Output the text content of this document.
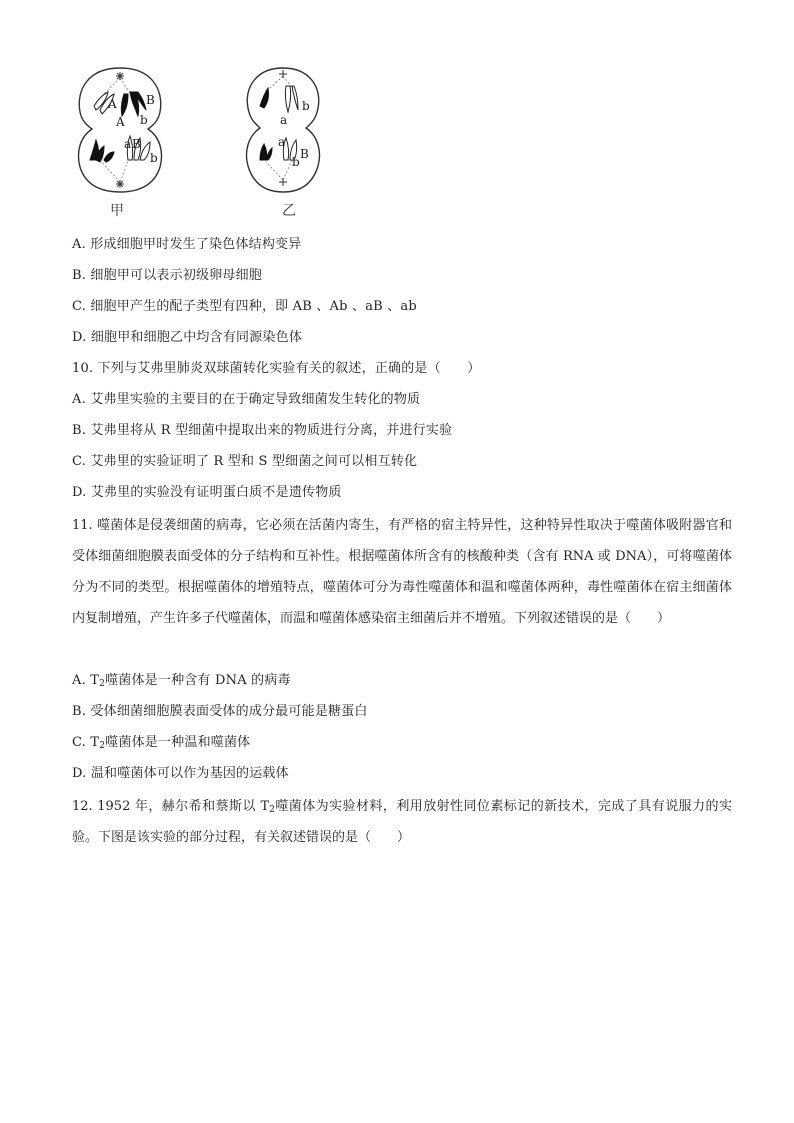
A
A
B
b
a B
b
甲
b
a
a
B
b
乙
A. 形成细胞甲时发生了染色体结构变异
B. 细胞甲可以表示初级卵母细胞
C. 细胞甲产生的配子类型有四种，即 AB 、Ab 、aB 、ab
D. 细胞甲和细胞乙中均含有同源染色体
10. 下列与艾弗里肺炎双球菌转化实验有关的叙述，正确的是（　　）
A. 艾弗里实验的主要目的在于确定导致细菌发生转化的物质
B. 艾弗里将从 R 型细菌中提取出来的物质进行分离，并进行实验
C. 艾弗里的实验证明了 R 型和 S 型细菌之间可以相互转化
D. 艾弗里的实验没有证明蛋白质不是遗传物质
11. 噬菌体是侵袭细菌的病毒，它必须在活菌内寄生，有严格的宿主特异性，这种特异性取决于噬菌体吸附器官和受体细菌细胞膜表面受体的分子结构和互补性。根据噬菌体所含有的核酸种类（含有 RNA 或 DNA），可将噬菌体分为不同的类型。根据噬菌体的增殖特点，噬菌体可分为毒性噬菌体和温和噬菌体两种，毒性噬菌体在宿主细菌体内复制增殖，产生许多子代噬菌体，而温和噬菌体感染宿主细菌后并不增殖。下列叙述错误的是（　　）
A. $T_2$噬菌体是一种含有 DNA 的病毒
B. 受体细菌细胞膜表面受体的成分最可能是糖蛋白
C. $T_2$噬菌体是一种温和噬菌体
D. 温和噬菌体可以作为基因的运载体
12. 1952 年，赫尔希和蔡斯以 $T_2$噬菌体为实验材料，利用放射性同位素标记的新技术，完成了具有说服力的实验。下图是该实验的部分过程，有关叙述错误的是（　　）
